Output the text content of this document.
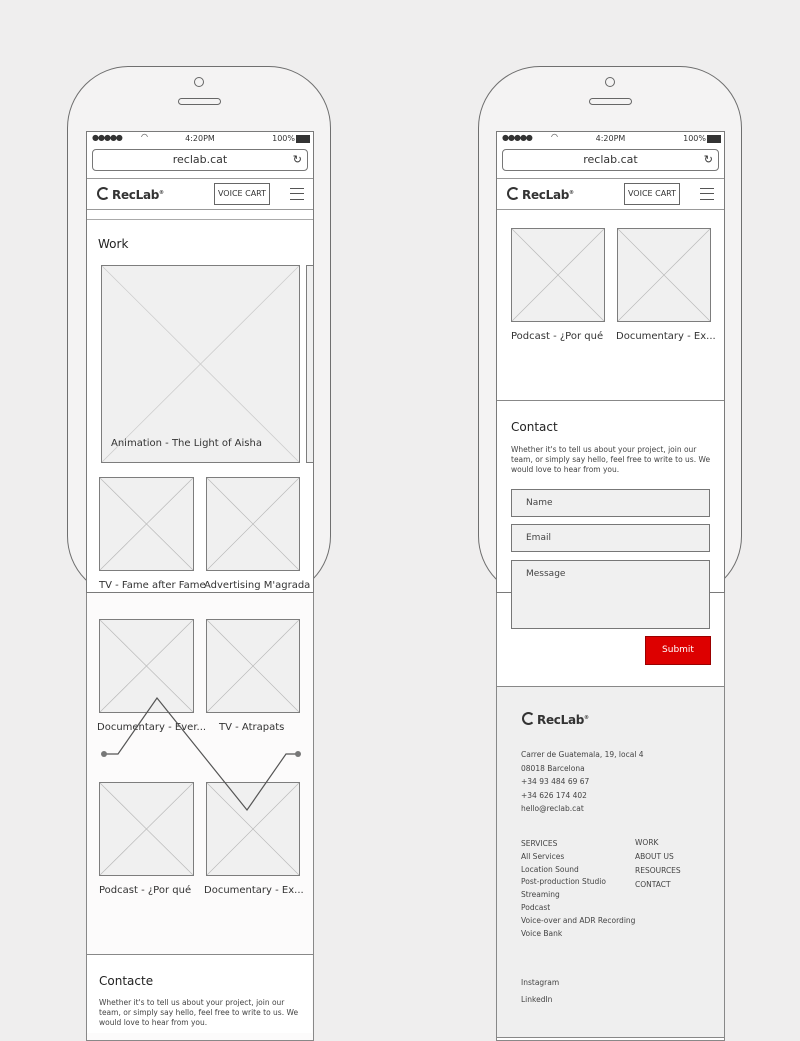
●●●●● ◠	4:20PM	100%
reclab.cat	↻
RecLab®	VOICE CART
Work
Animation - The Light of Aisha
TV - Fame after Fame
Advertising M'agrada
Documentary - Ever... TV - Atrapats
Podcast - ¿Por qué Documentary - Ex...
Contacte
Whether it's to tell us about your project, join our team, or simply say hello, feel free to write to us. We would love to hear from you.
●●●●● ◠	4:20PM	100%
reclab.cat	↻
RecLab®	VOICE CART
Podcast - ¿Por qué Documentary - Ex...
Contact
Whether it's to tell us about your project, join our team, or simply say hello, feel free to write to us. We would love to hear from you.
Name
Email
Message
Submit
RecLab®
Carrer de Guatemala, 19, local 4
08018 Barcelona
+34 93 484 69 67
+34 626 174 402
hello@reclab.cat
SERVICES
All Services
Location Sound
Post-production Studio
Streaming
Podcast
Voice-over and ADR Recording
Voice Bank
WORK
ABOUT US
RESOURCES
CONTACT
Instagram
LinkedIn
